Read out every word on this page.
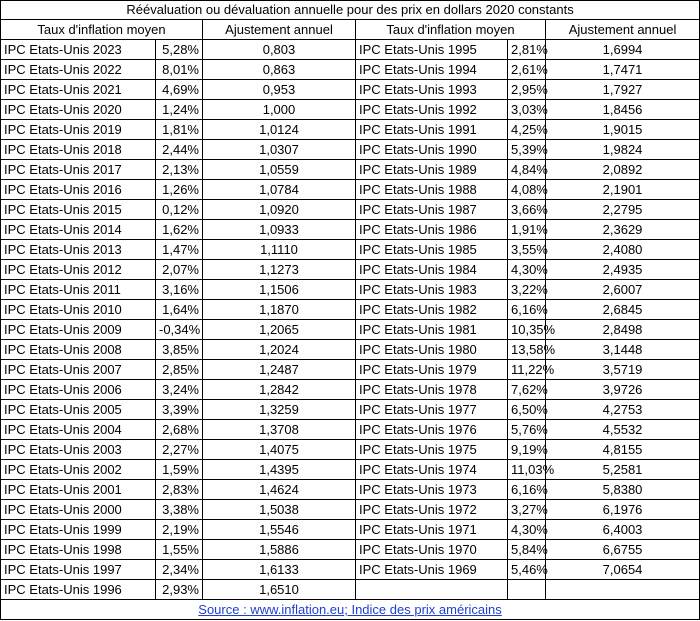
Réévaluation ou dévaluation annuelle pour des prix en dollars 2020 constants					
Taux d'inflation moyen		Ajustement annuel	Taux d'inflation moyen		Ajustement annuel
IPC Etats-Unis 2023	5,28%	0,803	IPC Etats-Unis 1995	2,81%	1,6994
IPC Etats-Unis 2022	8,01%	0,863	IPC Etats-Unis 1994	2,61%	1,7471
IPC Etats-Unis 2021	4,69%	0,953	IPC Etats-Unis 1993	2,95%	1,7927
IPC Etats-Unis 2020	1,24%	1,000	IPC Etats-Unis 1992	3,03%	1,8456
IPC Etats-Unis 2019	1,81%	1,0124	IPC Etats-Unis 1991	4,25%	1,9015
IPC Etats-Unis 2018	2,44%	1,0307	IPC Etats-Unis 1990	5,39%	1,9824
IPC Etats-Unis 2017	2,13%	1,0559	IPC Etats-Unis 1989	4,84%	2,0892
IPC Etats-Unis 2016	1,26%	1,0784	IPC Etats-Unis 1988	4,08%	2,1901
IPC Etats-Unis 2015	0,12%	1,0920	IPC Etats-Unis 1987	3,66%	2,2795
IPC Etats-Unis 2014	1,62%	1,0933	IPC Etats-Unis 1986	1,91%	2,3629
IPC Etats-Unis 2013	1,47%	1,1110	IPC Etats-Unis 1985	3,55%	2,4080
IPC Etats-Unis 2012	2,07%	1,1273	IPC Etats-Unis 1984	4,30%	2,4935
IPC Etats-Unis 2011	3,16%	1,1506	IPC Etats-Unis 1983	3,22%	2,6007
IPC Etats-Unis 2010	1,64%	1,1870	IPC Etats-Unis 1982	6,16%	2,6845
IPC Etats-Unis 2009	-0,34%	1,2065	IPC Etats-Unis 1981	10,35%	2,8498
IPC Etats-Unis 2008	3,85%	1,2024	IPC Etats-Unis 1980	13,58%	3,1448
IPC Etats-Unis 2007	2,85%	1,2487	IPC Etats-Unis 1979	11,22%	3,5719
IPC Etats-Unis 2006	3,24%	1,2842	IPC Etats-Unis 1978	7,62%	3,9726
IPC Etats-Unis 2005	3,39%	1,3259	IPC Etats-Unis 1977	6,50%	4,2753
IPC Etats-Unis 2004	2,68%	1,3708	IPC Etats-Unis 1976	5,76%	4,5532
IPC Etats-Unis 2003	2,27%	1,4075	IPC Etats-Unis 1975	9,19%	4,8155
IPC Etats-Unis 2002	1,59%	1,4395	IPC Etats-Unis 1974	11,03%	5,2581
IPC Etats-Unis 2001	2,83%	1,4624	IPC Etats-Unis 1973	6,16%	5,8380
IPC Etats-Unis 2000	3,38%	1,5038	IPC Etats-Unis 1972	3,27%	6,1976
IPC Etats-Unis 1999	2,19%	1,5546	IPC Etats-Unis 1971	4,30%	6,4003
IPC Etats-Unis 1998	1,55%	1,5886	IPC Etats-Unis 1970	5,84%	6,6755
IPC Etats-Unis 1997	2,34%	1,6133	IPC Etats-Unis 1969	5,46%	7,0654
IPC Etats-Unis 1996	2,93%	1,6510			
Source : www.inflation.eu; Indice des prix américains					
